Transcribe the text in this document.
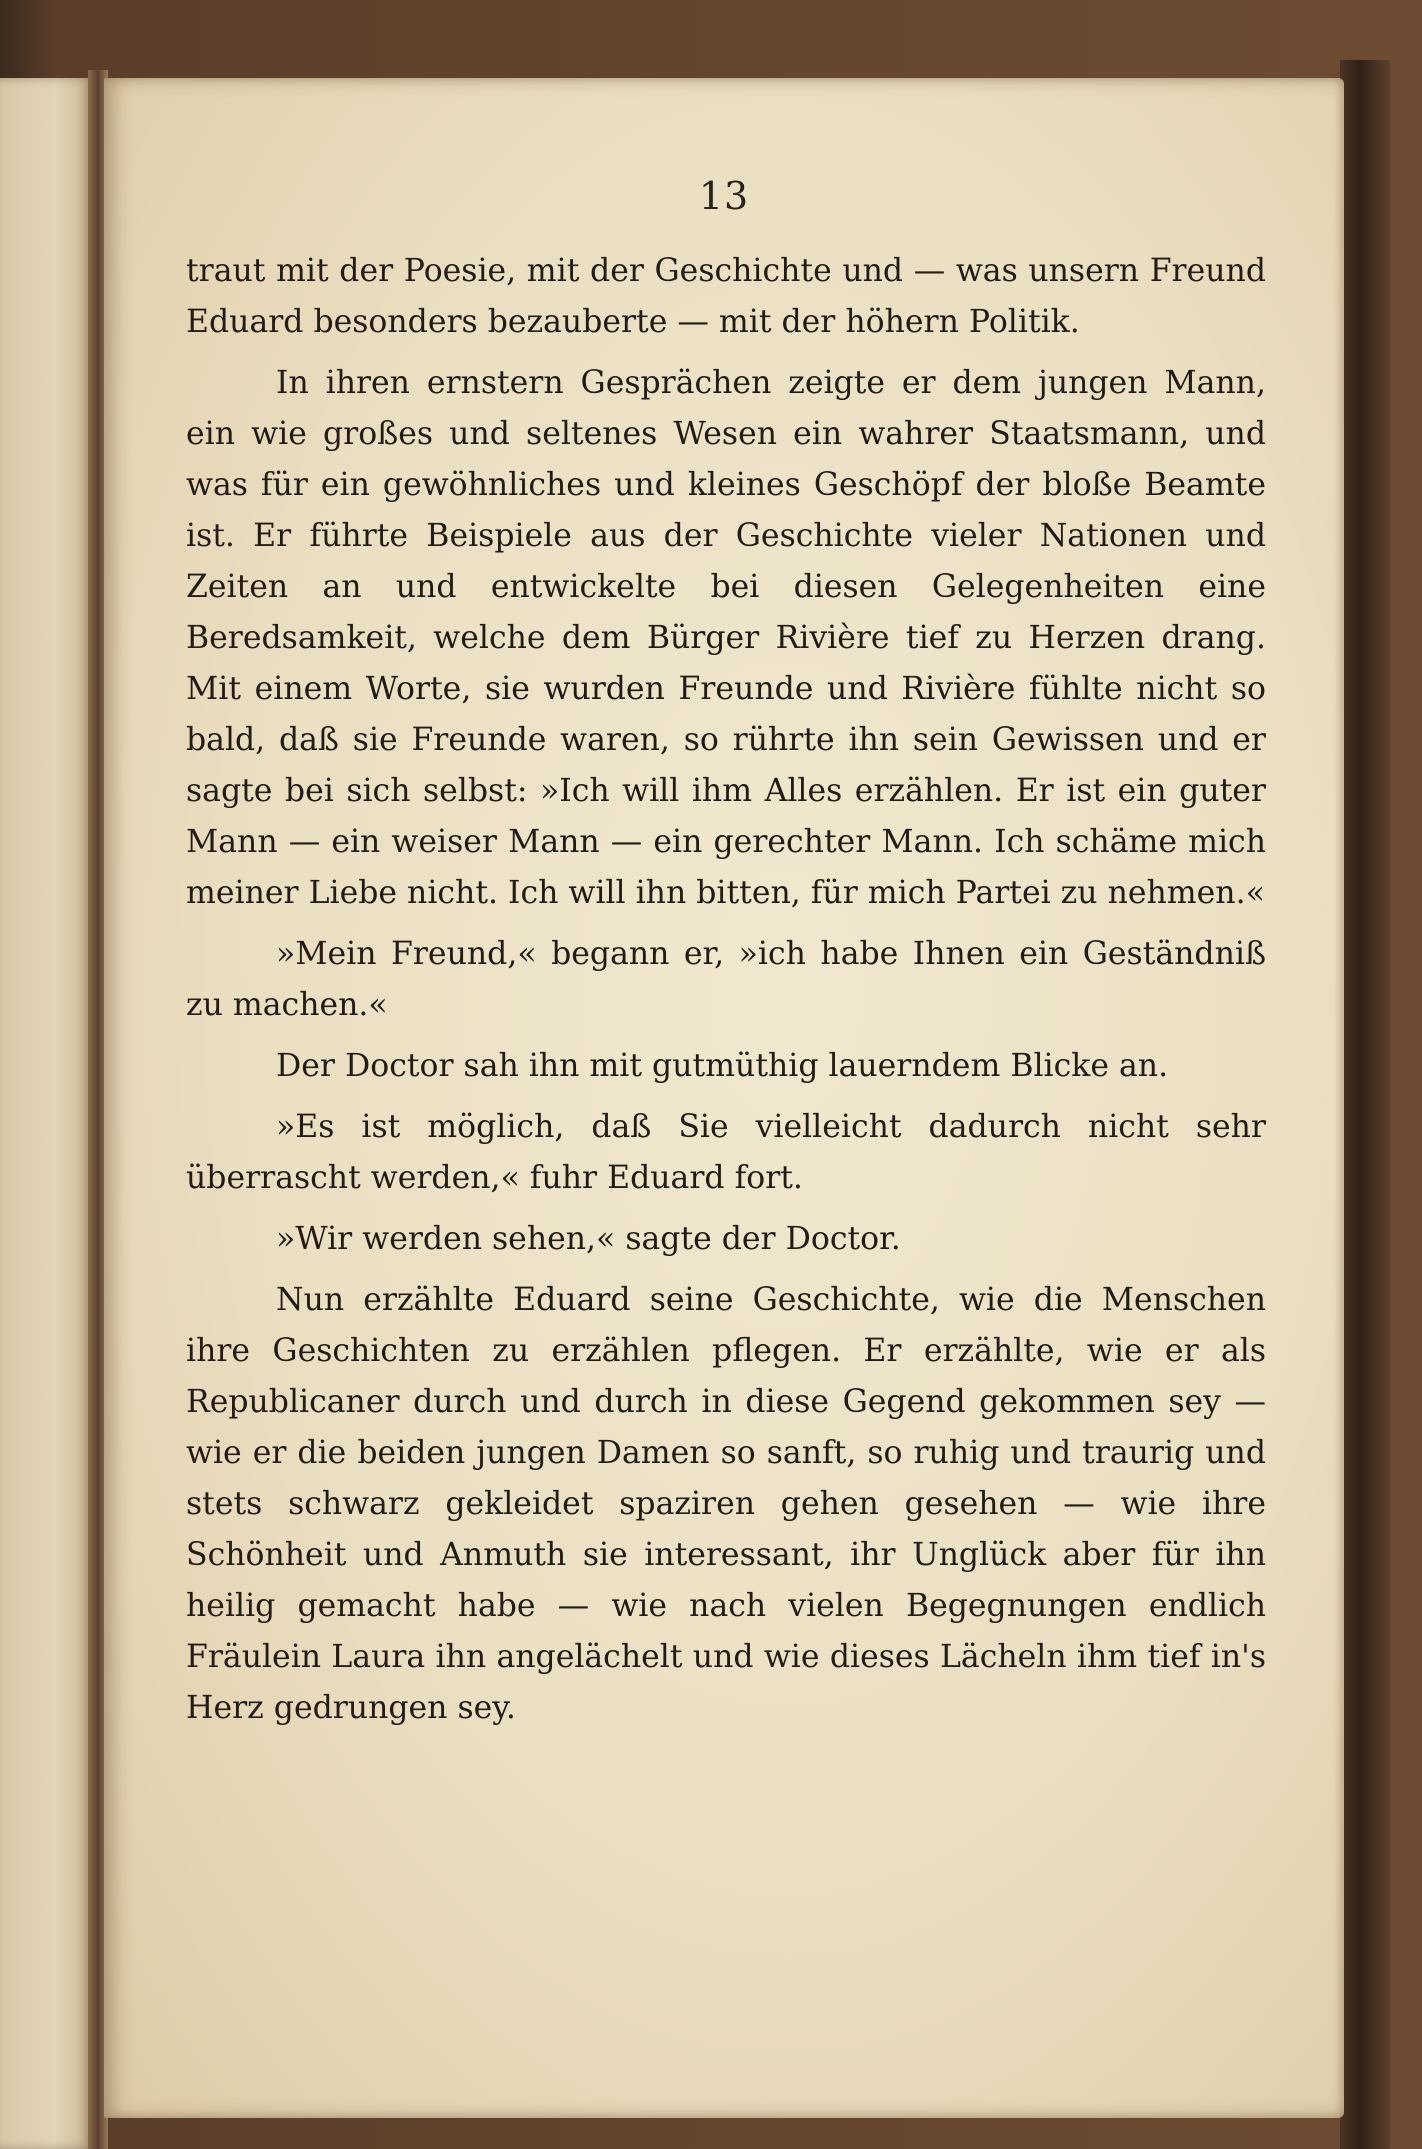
13

traut mit der Poesie, mit der Geschichte und — was unsern Freund Eduard besonders bezauberte — mit der höhern Politik.

In ihren ernstern Gesprächen zeigte er dem jungen Mann, ein wie großes und seltenes Wesen ein wahrer Staatsmann, und was für ein gewöhnliches und kleines Geschöpf der bloße Beamte ist. Er führte Beispiele aus der Geschichte vieler Nationen und Zeiten an und entwickelte bei diesen Gelegenheiten eine Beredsamkeit, welche dem Bürger Rivière tief zu Herzen drang. Mit einem Worte, sie wurden Freunde und Rivière fühlte nicht so bald, daß sie Freunde waren, so rührte ihn sein Gewissen und er sagte bei sich selbst: »Ich will ihm Alles erzählen. Er ist ein guter Mann — ein weiser Mann — ein gerechter Mann. Ich schäme mich meiner Liebe nicht. Ich will ihn bitten, für mich Partei zu nehmen.«

»Mein Freund,« begann er, »ich habe Ihnen ein Geständniß zu machen.«

Der Doctor sah ihn mit gutmüthig lauerndem Blicke an.

»Es ist möglich, daß Sie vielleicht dadurch nicht sehr überrascht werden,« fuhr Eduard fort.

»Wir werden sehen,« sagte der Doctor.

Nun erzählte Eduard seine Geschichte, wie die Menschen ihre Geschichten zu erzählen pflegen. Er erzählte, wie er als Republicaner durch und durch in diese Gegend gekommen sey — wie er die beiden jungen Damen so sanft, so ruhig und traurig und stets schwarz gekleidet spaziren gehen gesehen — wie ihre Schönheit und Anmuth sie interessant, ihr Unglück aber für ihn heilig gemacht habe — wie nach vielen Begegnungen endlich Fräulein Laura ihn angelächelt und wie dieses Lächeln ihm tief in's Herz gedrungen sey.
